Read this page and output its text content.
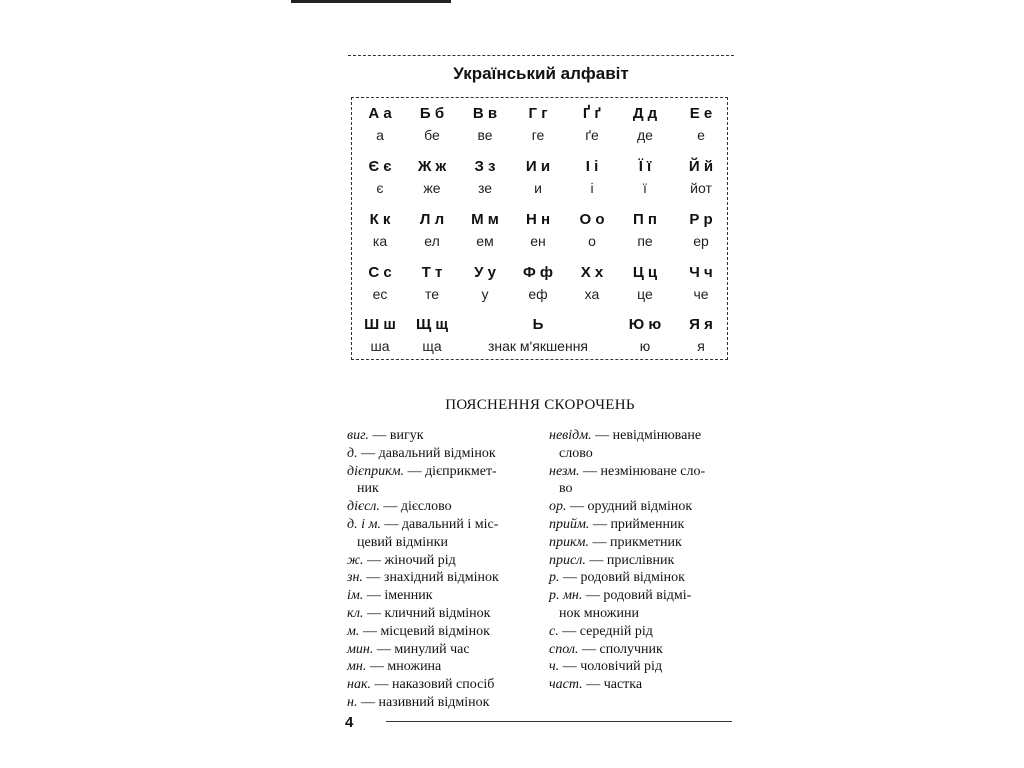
Український алфавіт
А а
а
Б б
бе
В в
ве
Г г
ге
Ґ ґ
ґе
Д д
де
Е е
е
Є є
є
Ж ж
же
З з
зе
И и
и
І і
і
Ї ї
ї
Й й
йот
К к
ка
Л л
ел
М м
ем
Н н
ен
О о
о
П п
пе
Р р
ер
С с
ес
Т т
те
У у
у
Ф ф
еф
Х х
ха
Ц ц
це
Ч ч
че
Ш ш
ша
Щ щ
ща
Ь
знак м'якшення
Ю ю
ю
Я я
я
ПОЯСНЕННЯ СКОРОЧЕНЬ
виг. — вигук
д. — давальний відмінок
дієприкм. — дієприкмет-
ник
дієсл. — дієслово
д. і м. — давальний і міс-
цевий відмінки
ж. — жіночий рід
зн. — знахідний відмінок
ім. — іменник
кл. — кличний відмінок
м. — місцевий відмінок
мин. — минулий час
мн. — множина
нак. — наказовий спосіб
н. — називний відмінок
невідм. — невідмінюване
слово
незм. — незмінюване сло-
во
ор. — орудний відмінок
прийм. — прийменник
прикм. — прикметник
присл. — прислівник
р. — родовий відмінок
р. мн. — родовий відмі-
нок множини
с. — середній рід
спол. — сполучник
ч. — чоловічий рід
част. — частка
4
